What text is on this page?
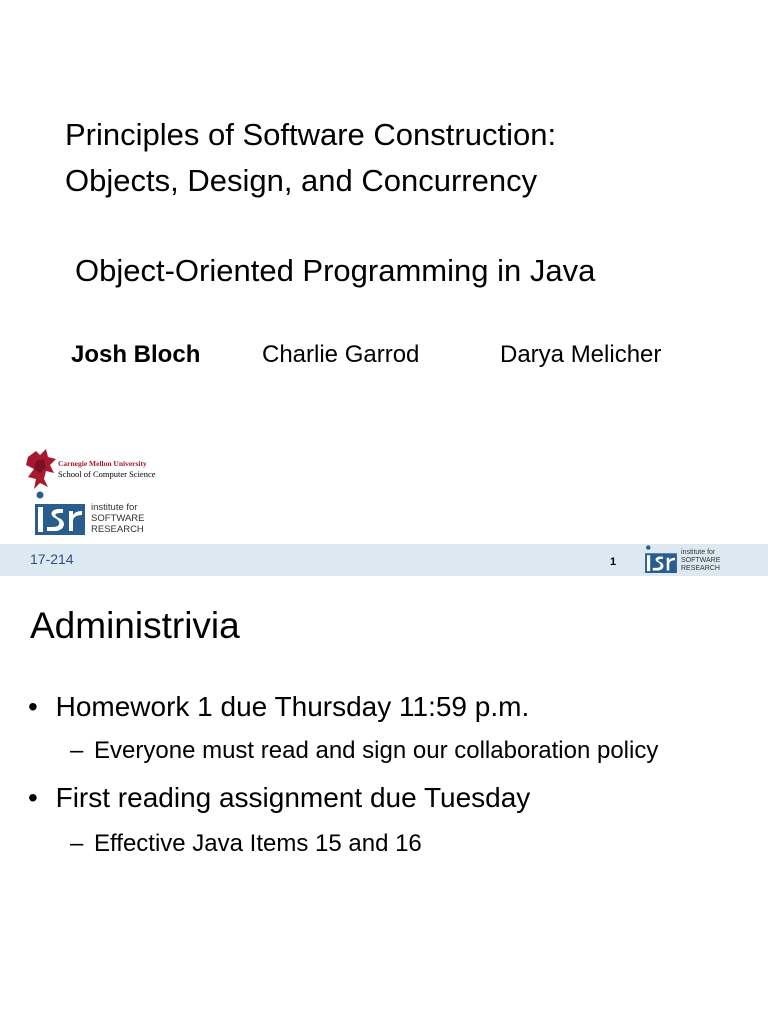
Principles of Software Construction:
Objects, Design, and Concurrency
Object-Oriented Programming in Java
Josh Bloch	Charlie Garrod	Darya Melicher
Carnegie Mellon University
School of Computer Science
institute for
SOFTWARE
RESEARCH
17-214	1
institute for
SOFTWARE
RESEARCH
Administrivia
• Homework 1 due Thursday 11:59 p.m.
– Everyone must read and sign our collaboration policy
• First reading assignment due Tuesday
– Effective Java Items 15 and 16
